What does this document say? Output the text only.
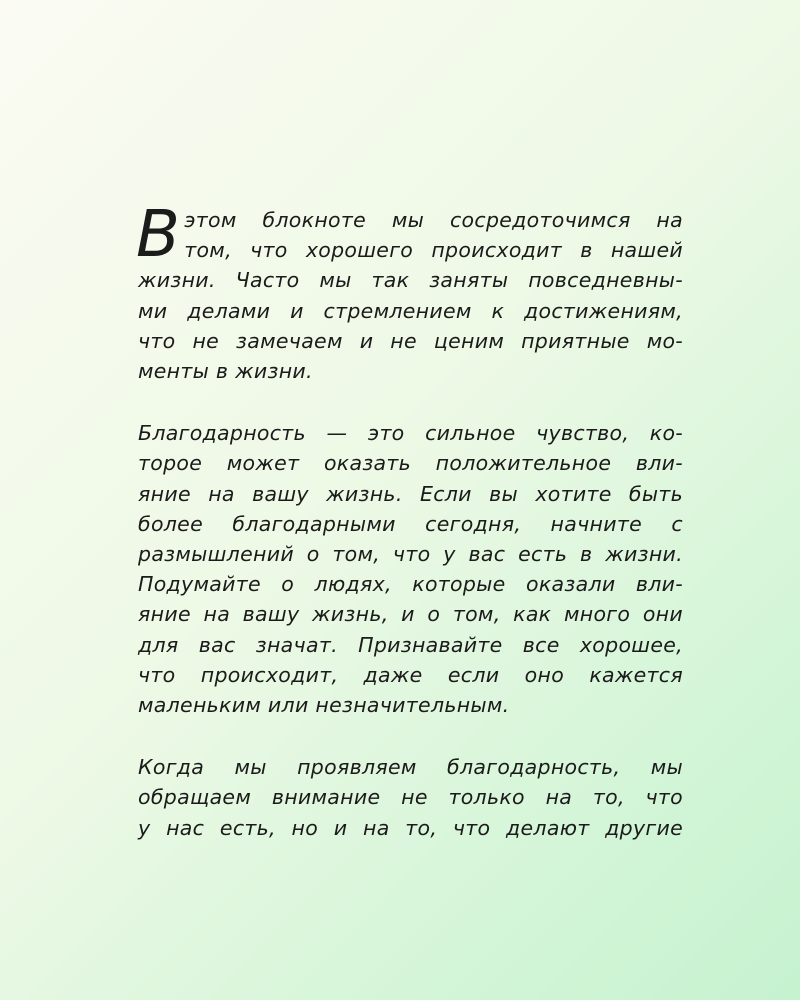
В этом блокноте мы сосредоточимся на
том, что хорошего происходит в нашей
жизни. Часто мы так заняты повседневны-
ми делами и стремлением к достижениям,
что не замечаем и не ценим приятные мо-
менты в жизни.

Благодарность — это сильное чувство, ко-
торое может оказать положительное вли-
яние на вашу жизнь. Если вы хотите быть
более благодарными сегодня, начните с
размышлений о том, что у вас есть в жизни.
Подумайте о людях, которые оказали вли-
яние на вашу жизнь, и о том, как много они
для вас значат. Признавайте все хорошее,
что происходит, даже если оно кажется
маленьким или незначительным.

Когда мы проявляем благодарность, мы
обращаем внимание не только на то, что
у нас есть, но и на то, что делают другие
